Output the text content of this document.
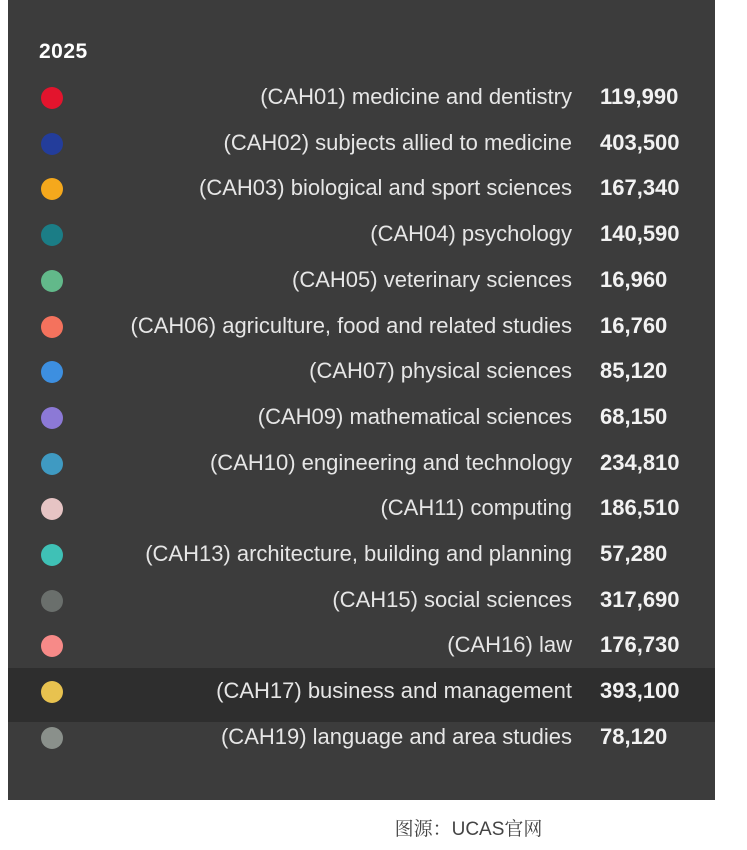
2025
(CAH01) medicine and dentistry 119,990
(CAH02) subjects allied to medicine 403,500
(CAH03) biological and sport sciences 167,340
(CAH04) psychology 140,590
(CAH05) veterinary sciences 16,960
(CAH06) agriculture, food and related studies 16,760
(CAH07) physical sciences 85,120
(CAH09) mathematical sciences 68,150
(CAH10) engineering and technology 234,810
(CAH11) computing 186,510
(CAH13) architecture, building and planning 57,280
(CAH15) social sciences 317,690
(CAH16) law 176,730
(CAH17) business and management 393,100
(CAH19) language and area studies 78,120
图源：UCAS官网
